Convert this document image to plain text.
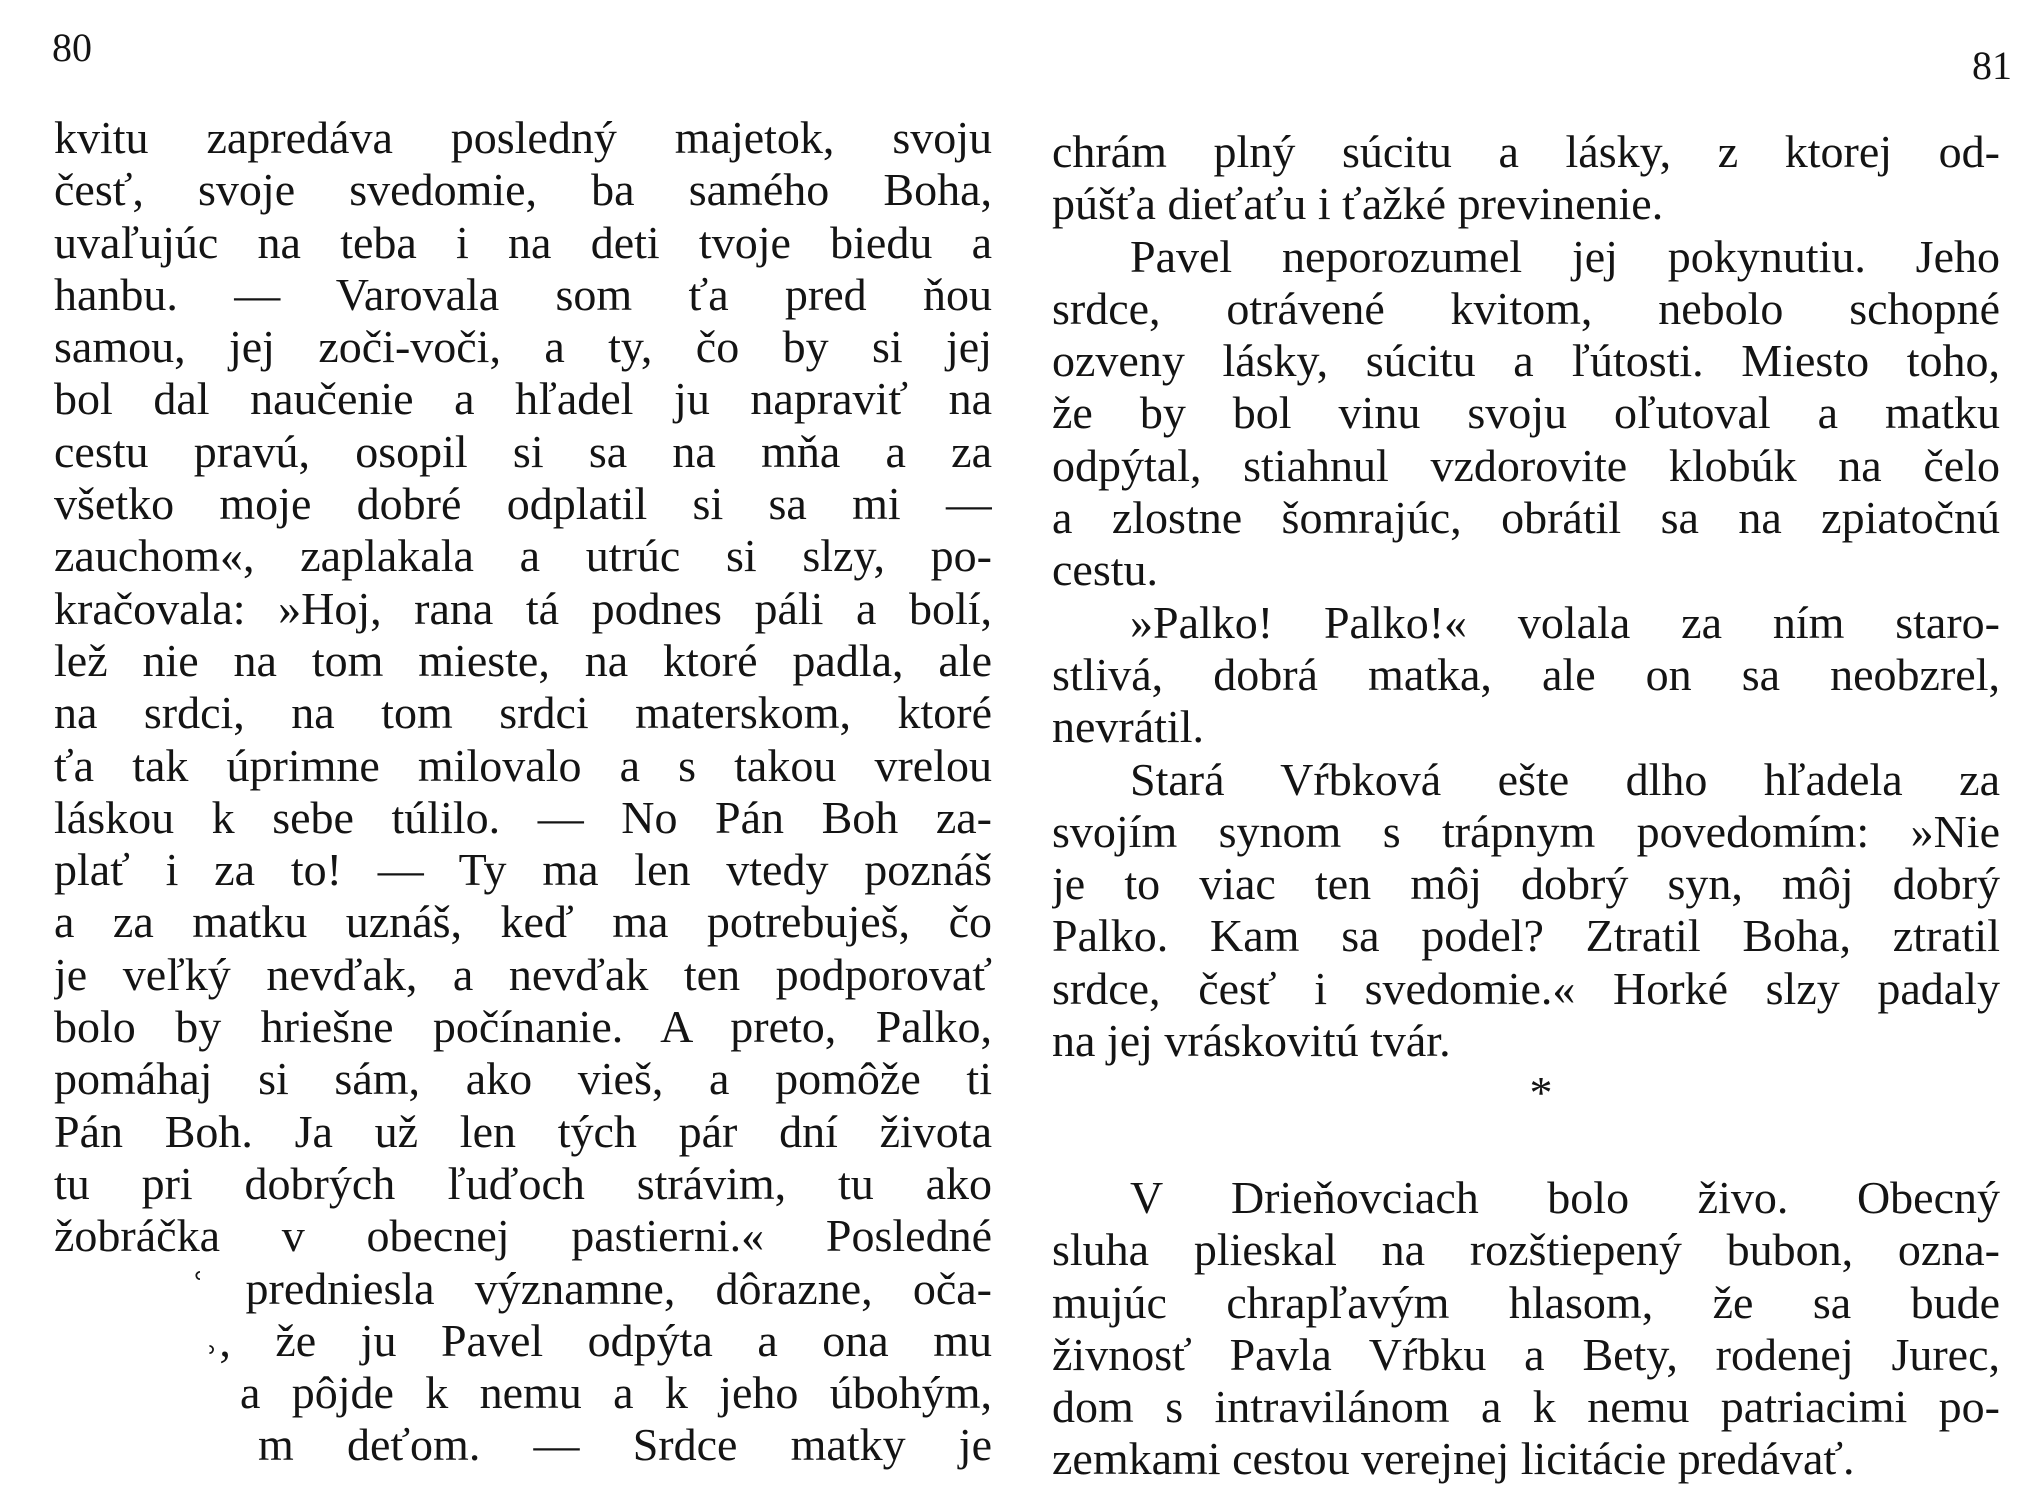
80
kvitu zapredáva posledný majetok, svoju
česť, svoje svedomie, ba samého Boha,
uvaľujúc na teba i na deti tvoje biedu a
hanbu. — Varovala som ťa pred ňou
samou, jej zoči-voči, a ty, čo by si jej
bol dal naučenie a hľadel ju napraviť na
cestu pravú, osopil si sa na mňa a za
všetko moje dobré odplatil si sa mi —
zauchom«, zaplakala a utrúc si slzy, po-
kračovala: »Hoj, rana tá podnes páli a bolí,
lež nie na tom mieste, na ktoré padla, ale
na srdci, na tom srdci materskom, ktoré
ťa tak úprimne milovalo a s takou vrelou
láskou k sebe túlilo. — No Pán Boh za-
plať i za to! — Ty ma len vtedy poznáš
a za matku uznáš, keď ma potrebuješ, čo
je veľký nevďak, a nevďak ten podporovať
bolo by hriešne počínanie. A preto, Palko,
pomáhaj si sám, ako vieš, a pomôže ti
Pán Boh. Ja už len tých pár dní života
tu pri dobrých ľuďoch strávim, tu ako
žobráčka v obecnej pastierni.« Posledné
ʿ predniesla významne, dôrazne, oča-
˒, že ju Pavel odpýta a ona mu
a pôjde k nemu a k jeho úbohým,
m deťom. — Srdce matky je
81
chrám plný súcitu a lásky, z ktorej od-
púšťa dieťaťu i ťažké previnenie.
Pavel neporozumel jej pokynutiu. Jeho
srdce, otrávené kvitom, nebolo schopné
ozveny lásky, súcitu a ľútosti. Miesto toho,
že by bol vinu svoju oľutoval a matku
odpýtal, stiahnul vzdorovite klobúk na čelo
a zlostne šomrajúc, obrátil sa na zpiatočnú
cestu.
»Palko! Palko!« volala za ním staro-
stlivá, dobrá matka, ale on sa neobzrel,
nevrátil.
Stará Vŕbková ešte dlho hľadela za
svojím synom s trápnym povedomím: »Nie
je to viac ten môj dobrý syn, môj dobrý
Palko. Kam sa podel? Ztratil Boha, ztratil
srdce, česť i svedomie.« Horké slzy padaly
na jej vráskovitú tvár.
*
V Drieňovciach bolo živo. Obecný
sluha plieskal na rozštiepený bubon, ozna-
mujúc chrapľavým hlasom, že sa bude
živnosť Pavla Vŕbku a Bety, rodenej Jurec,
dom s intravilánom a k nemu patriacimi po-
zemkami cestou verejnej licitácie predávať.
